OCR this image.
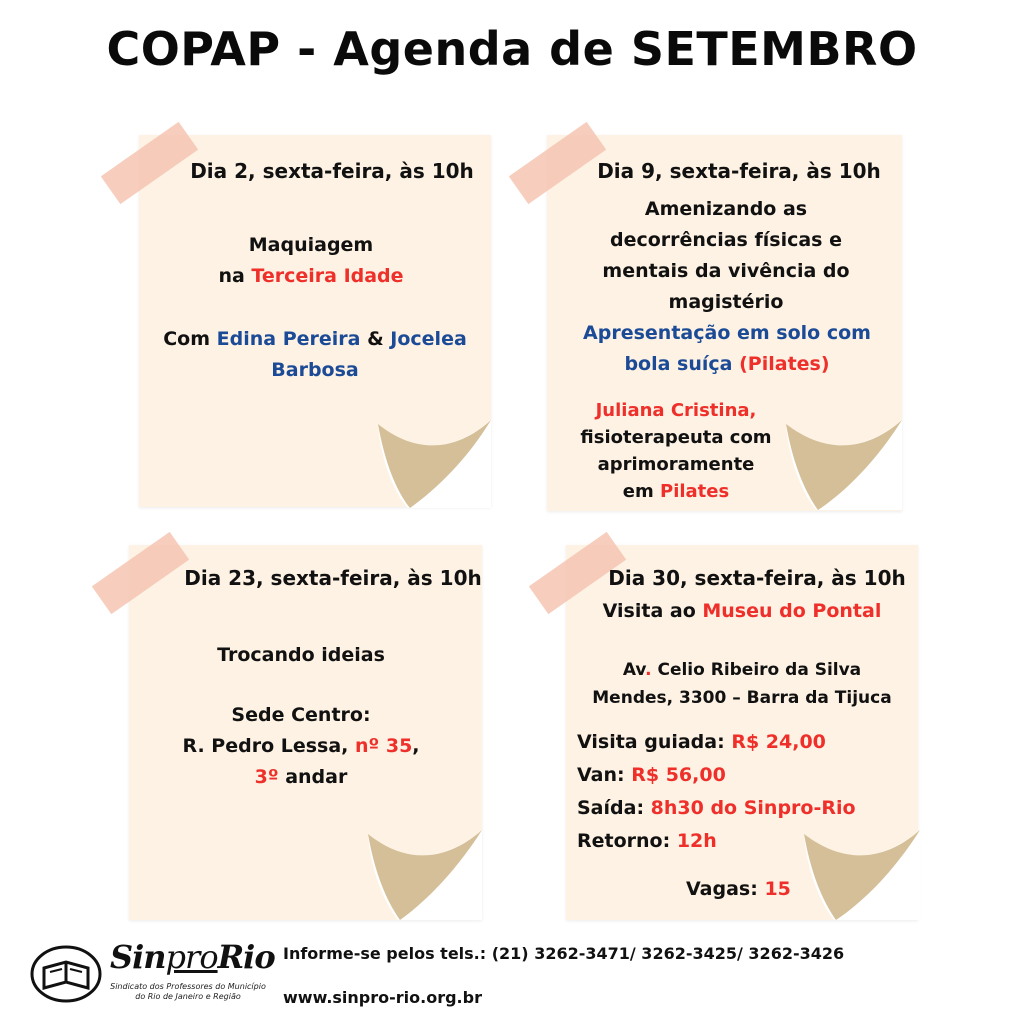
COPAP - Agenda de SETEMBRO
Dia 2, sexta-feira, às 10h
Maquiagem
na Terceira Idade
Com Edina Pereira & Jocelea
Barbosa
Dia 9, sexta-feira, às 10h
Amenizando as
decorrências físicas e
mentais da vivência do
magistério
Apresentação em solo com
bola suíça (Pilates)
Juliana Cristina,
fisioterapeuta com
aprimoramente
em Pilates
Dia 23, sexta-feira, às 10h
Trocando ideias
Sede Centro:
R. Pedro Lessa, nº 35,
3º andar
Dia 30, sexta-feira, às 10h
Visita ao Museu do Pontal
Av. Celio Ribeiro da Silva
Mendes, 3300 – Barra da Tijuca
Visita guiada: R$ 24,00
Van: R$ 56,00
Saída: 8h30 do Sinpro-Rio
Retorno: 12h
Vagas: 15
SinproRio
Sindicato dos Professores do Município
do Rio de Janeiro e Região
Informe-se pelos tels.: (21) 3262-3471/ 3262-3425/ 3262-3426
www.sinpro-rio.org.br
